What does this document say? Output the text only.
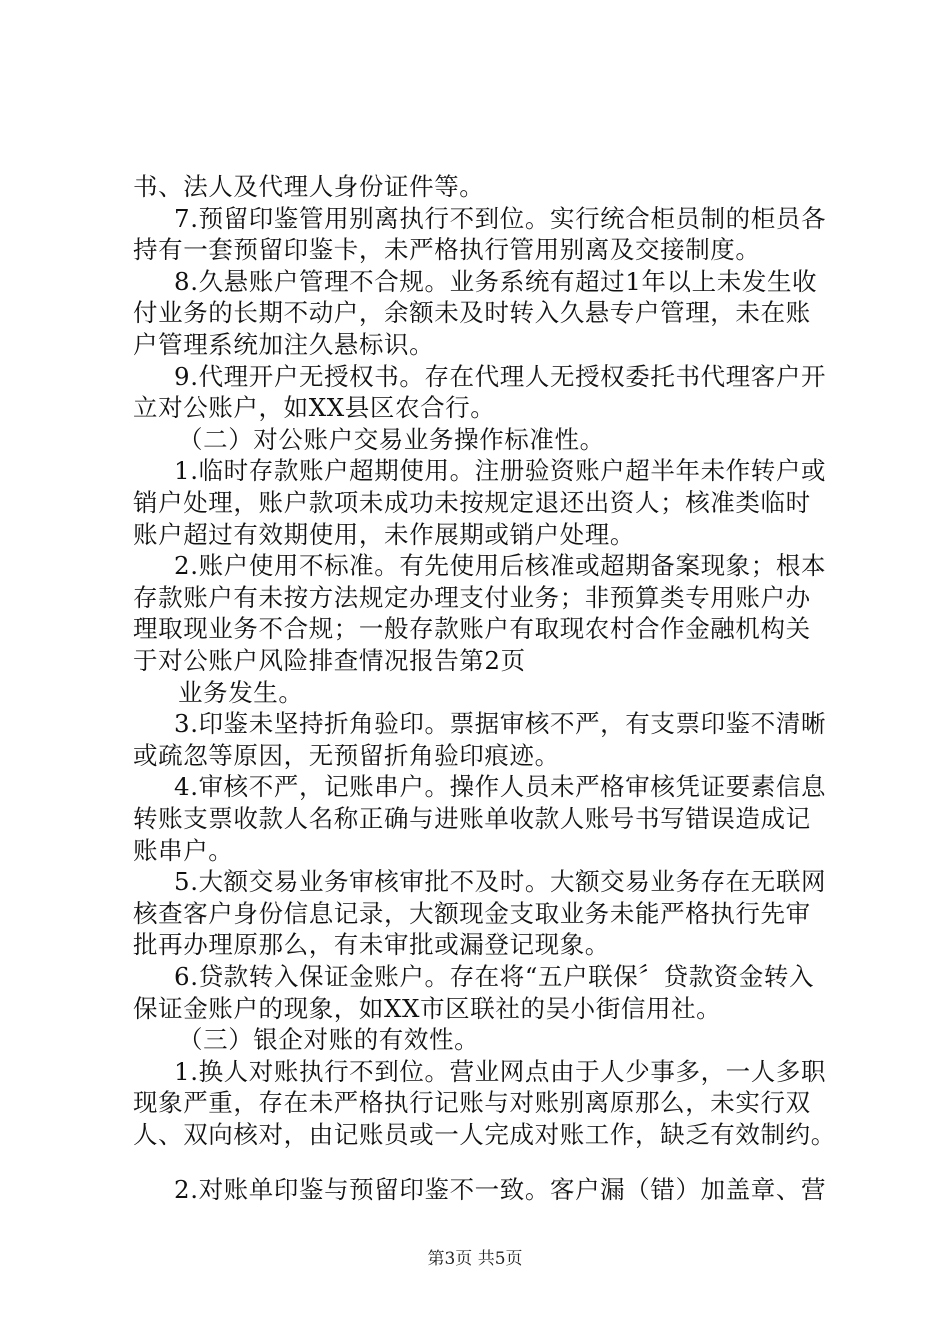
书、法人及代理人身份证件等。
7.预留印鉴管用别离执行不到位。实行统合柜员制的柜员各
持有一套预留印鉴卡，未严格执行管用别离及交接制度。
8.久悬账户管理不合规。业务系统有超过1年以上未发生收
付业务的长期不动户，余额未及时转入久悬专户管理，未在账
户管理系统加注久悬标识。
9.代理开户无授权书。存在代理人无授权委托书代理客户开
立对公账户，如XX县区农合行。
（二）对公账户交易业务操作标准性。
1.临时存款账户超期使用。注册验资账户超半年未作转户或
销户处理，账户款项未成功未按规定退还出资人；核准类临时
账户超过有效期使用，未作展期或销户处理。
2.账户使用不标准。有先使用后核准或超期备案现象；根本
存款账户有未按方法规定办理支付业务；非预算类专用账户办
理取现业务不合规；一般存款账户有取现农村合作金融机构关
于对公账户风险排查情况报告第2页
业务发生。
3.印鉴未坚持折角验印。票据审核不严，有支票印鉴不清晰
或疏忽等原因，无预留折角验印痕迹。
4.审核不严，记账串户。操作人员未严格审核凭证要素信息
转账支票收款人名称正确与进账单收款人账号书写错误造成记
账串户。
5.大额交易业务审核审批不及时。大额交易业务存在无联网
核查客户身份信息记录，大额现金支取业务未能严格执行先审
批再办理原那么，有未审批或漏登记现象。
6.贷款转入保证金账户。存在将“五户联保〞贷款资金转入
保证金账户的现象，如XX市区联社的吴小街信用社。
（三）银企对账的有效性。
1.换人对账执行不到位。营业网点由于人少事多，一人多职
现象严重，存在未严格执行记账与对账别离原那么，未实行双
人、双向核对，由记账员或一人完成对账工作，缺乏有效制约。
2.对账单印鉴与预留印鉴不一致。客户漏（错）加盖章、营
第3页 共5页
